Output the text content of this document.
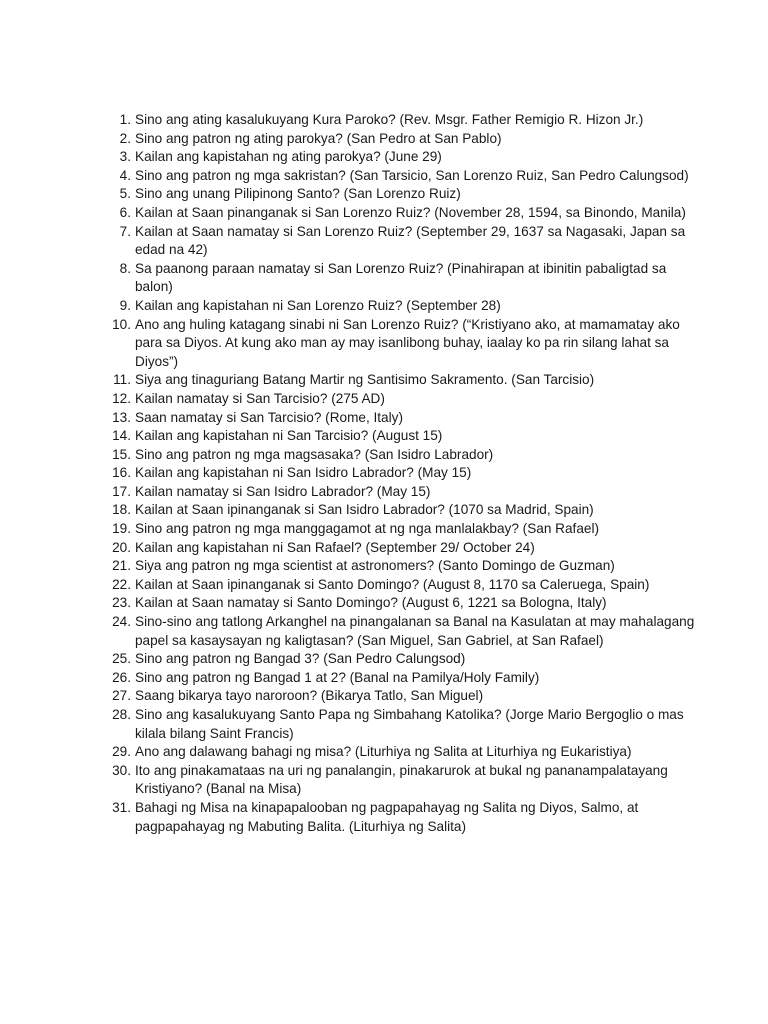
1. Sino ang ating kasalukuyang Kura Paroko? (Rev. Msgr. Father Remigio R. Hizon Jr.)
2. Sino ang patron ng ating parokya? (San Pedro at San Pablo)
3. Kailan ang kapistahan ng ating parokya? (June 29)
4. Sino ang patron ng mga sakristan? (San Tarsicio, San Lorenzo Ruiz, San Pedro Calungsod)
5. Sino ang unang Pilipinong Santo? (San Lorenzo Ruiz)
6. Kailan at Saan pinanganak si San Lorenzo Ruiz? (November 28, 1594, sa Binondo, Manila)
7. Kailan at Saan namatay si San Lorenzo Ruiz? (September 29, 1637 sa Nagasaki, Japan sa edad na 42)
8. Sa paanong paraan namatay si San Lorenzo Ruiz? (Pinahirapan at ibinitin pabaligtad sa balon)
9. Kailan ang kapistahan ni San Lorenzo Ruiz? (September 28)
10. Ano ang huling katagang sinabi ni San Lorenzo Ruiz? (“Kristiyano ako, at mamamatay ako para sa Diyos. At kung ako man ay may isanlibong buhay, iaalay ko pa rin silang lahat sa Diyos”)
11. Siya ang tinaguriang Batang Martir ng Santisimo Sakramento. (San Tarcisio)
12. Kailan namatay si San Tarcisio? (275 AD)
13. Saan namatay si San Tarcisio? (Rome, Italy)
14. Kailan ang kapistahan ni San Tarcisio? (August 15)
15. Sino ang patron ng mga magsasaka? (San Isidro Labrador)
16. Kailan ang kapistahan ni San Isidro Labrador? (May 15)
17. Kailan namatay si San Isidro Labrador? (May 15)
18. Kailan at Saan ipinanganak si San Isidro Labrador? (1070 sa Madrid, Spain)
19. Sino ang patron ng mga manggagamot at ng nga manlalakbay? (San Rafael)
20. Kailan ang kapistahan ni San Rafael? (September 29/ October 24)
21. Siya ang patron ng mga scientist at astronomers? (Santo Domingo de Guzman)
22. Kailan at Saan ipinanganak si Santo Domingo? (August 8, 1170 sa Caleruega, Spain)
23. Kailan at Saan namatay si Santo Domingo? (August 6, 1221 sa Bologna, Italy)
24. Sino-sino ang tatlong Arkanghel na pinangalanan sa Banal na Kasulatan at may mahalagang papel sa kasaysayan ng kaligtasan? (San Miguel, San Gabriel, at San Rafael)
25. Sino ang patron ng Bangad 3? (San Pedro Calungsod)
26. Sino ang patron ng Bangad 1 at 2? (Banal na Pamilya/Holy Family)
27. Saang bikarya tayo naroroon? (Bikarya Tatlo, San Miguel)
28. Sino ang kasalukuyang Santo Papa ng Simbahang Katolika? (Jorge Mario Bergoglio o mas kilala bilang Saint Francis)
29. Ano ang dalawang bahagi ng misa? (Liturhiya ng Salita at Liturhiya ng Eukaristiya)
30. Ito ang pinakamataas na uri ng panalangin, pinakarurok at bukal ng pananampalatayang Kristiyano? (Banal na Misa)
31. Bahagi ng Misa na kinapapalooban ng pagpapahayag ng Salita ng Diyos, Salmo, at pagpapahayag ng Mabuting Balita. (Liturhiya ng Salita)
